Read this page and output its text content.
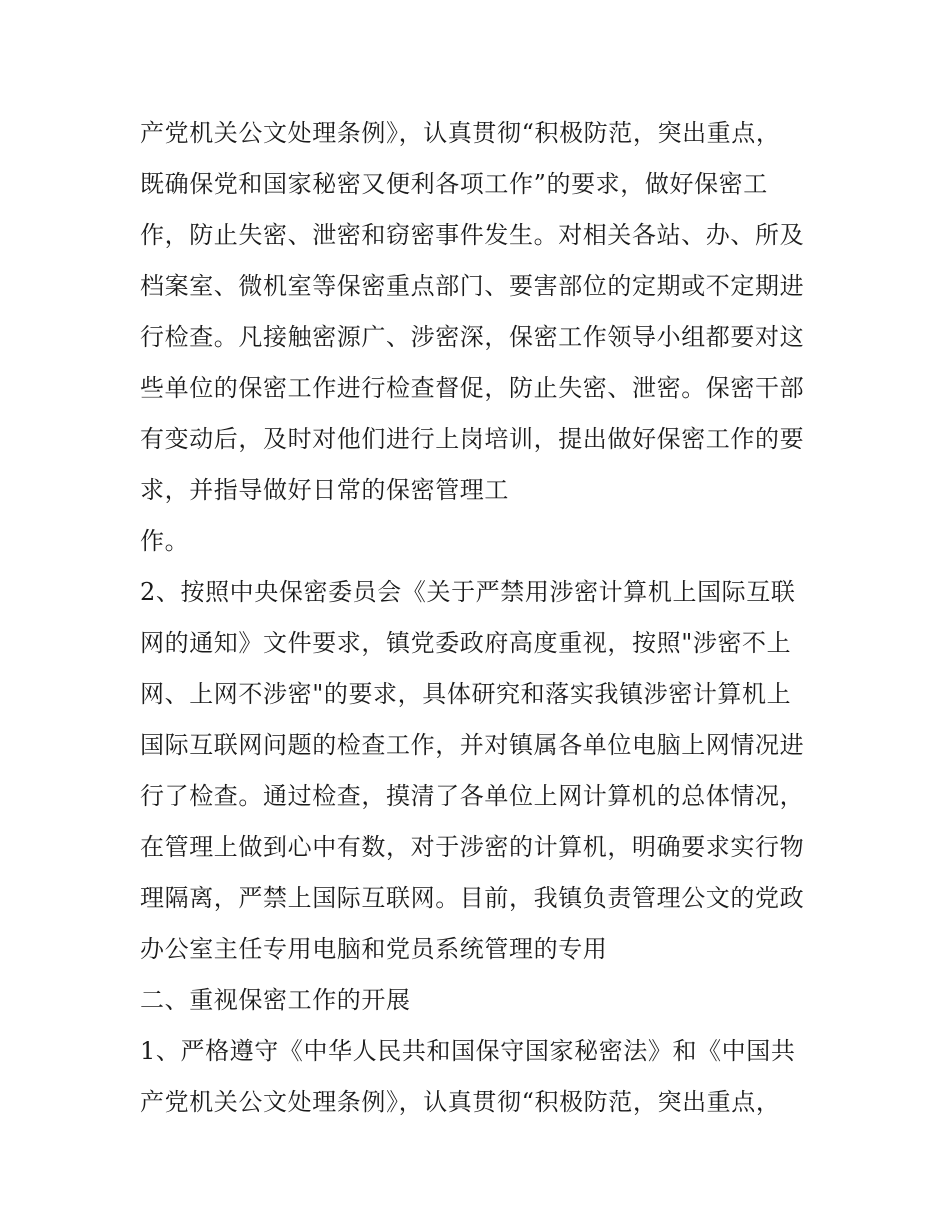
产党机关公文处理条例》，认真贯彻“积极防范，突出重点，
既确保党和国家秘密又便利各项工作”的要求，做好保密工
作，防止失密、泄密和窃密事件发生。对相关各站、办、所及
档案室、微机室等保密重点部门、要害部位的定期或不定期进
行检查。凡接触密源广、涉密深，保密工作领导小组都要对这
些单位的保密工作进行检查督促，防止失密、泄密。保密干部
有变动后，及时对他们进行上岗培训，提出做好保密工作的要
求，并指导做好日常的保密管理工
作。
2、按照中央保密委员会《关于严禁用涉密计算机上国际互联
网的通知》文件要求，镇党委政府高度重视，按照"涉密不上
网、上网不涉密"的要求，具体研究和落实我镇涉密计算机上
国际互联网问题的检查工作，并对镇属各单位电脑上网情况进
行了检查。通过检查，摸清了各单位上网计算机的总体情况，
在管理上做到心中有数，对于涉密的计算机，明确要求实行物
理隔离，严禁上国际互联网。目前，我镇负责管理公文的党政
办公室主任专用电脑和党员系统管理的专用
二、重视保密工作的开展
1、严格遵守《中华人民共和国保守国家秘密法》和《中国共
产党机关公文处理条例》，认真贯彻“积极防范，突出重点，
